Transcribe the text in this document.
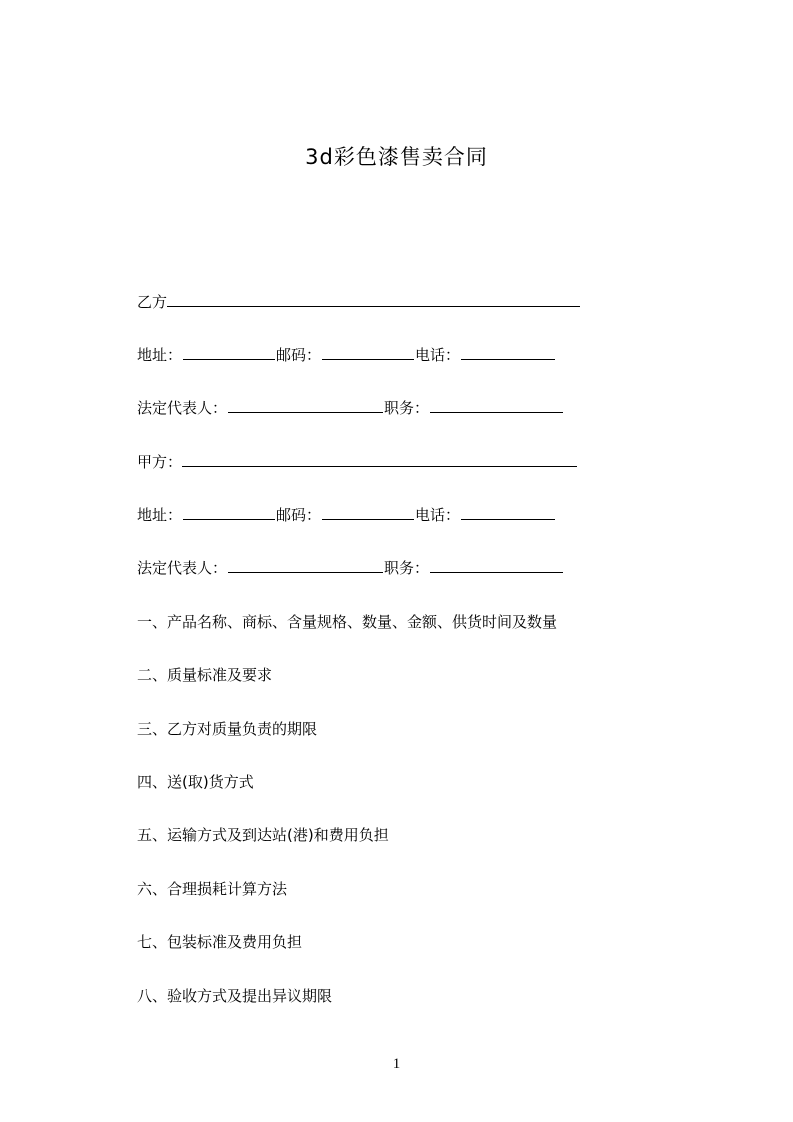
3d彩色漆售卖合同
乙方
地址：	邮码：	电话：
法定代表人：	职务：
甲方：
地址：	邮码：	电话：
法定代表人：	职务：
一、产品名称、商标、含量规格、数量、金额、供货时间及数量
二、质量标准及要求
三、乙方对质量负责的期限
四、送(取)货方式
五、运输方式及到达站(港)和费用负担
六、合理损耗计算方法
七、包装标准及费用负担
八、验收方式及提出异议期限
1
